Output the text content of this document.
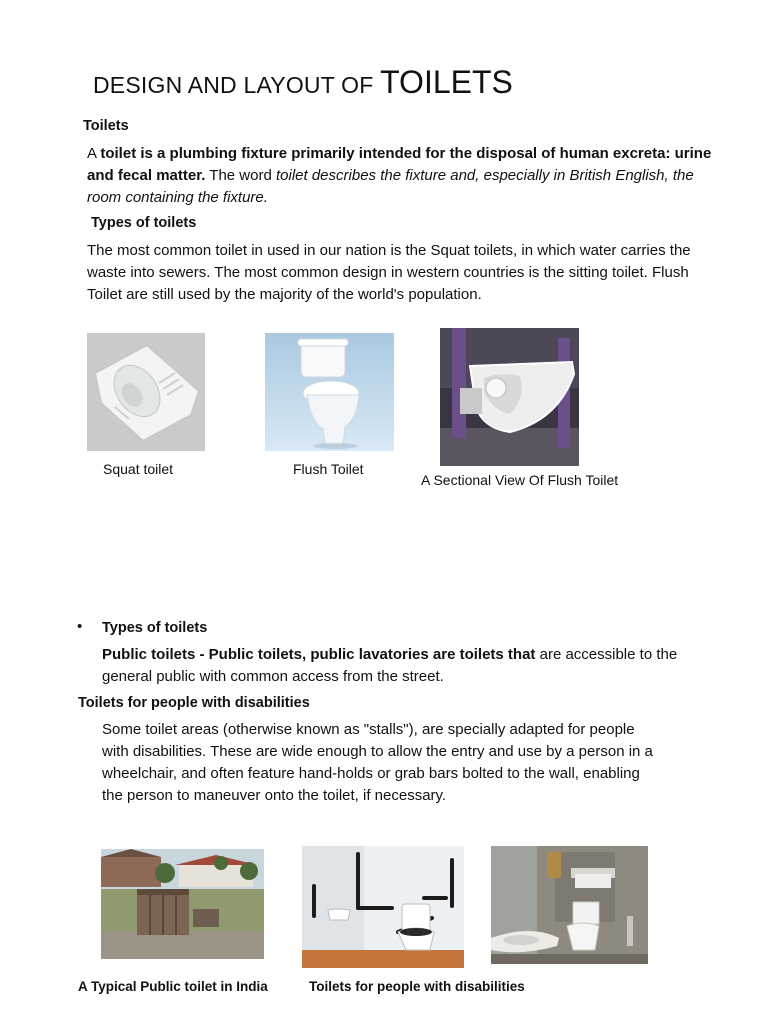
DESIGN AND LAYOUT OF TOILETS
Toilets
A toilet is a plumbing fixture primarily intended for the disposal of human excreta: urine and fecal matter. The word toilet describes the fixture and, especially in British English, the room containing the fixture.
Types of toilets
The most common toilet in used in our nation is the Squat toilets, in which water carries the waste into sewers. The most common design in western countries is the sitting toilet. Flush Toilet are still used by the majority of the world's population.
Squat toilet	Flush Toilet
A Sectional View Of Flush Toilet
• Types of toilets
Public toilets - Public toilets, public lavatories are toilets that are accessible to the general public with common access from the street.
Toilets for people with disabilities
Some toilet areas (otherwise known as "stalls"), are specially adapted for people with disabilities. These are wide enough to allow the entry and use by a person in a wheelchair, and often feature hand-holds or grab bars bolted to the wall, enabling the person to maneuver onto the toilet, if necessary.
A Typical Public toilet in India	Toilets for people with disabilities
